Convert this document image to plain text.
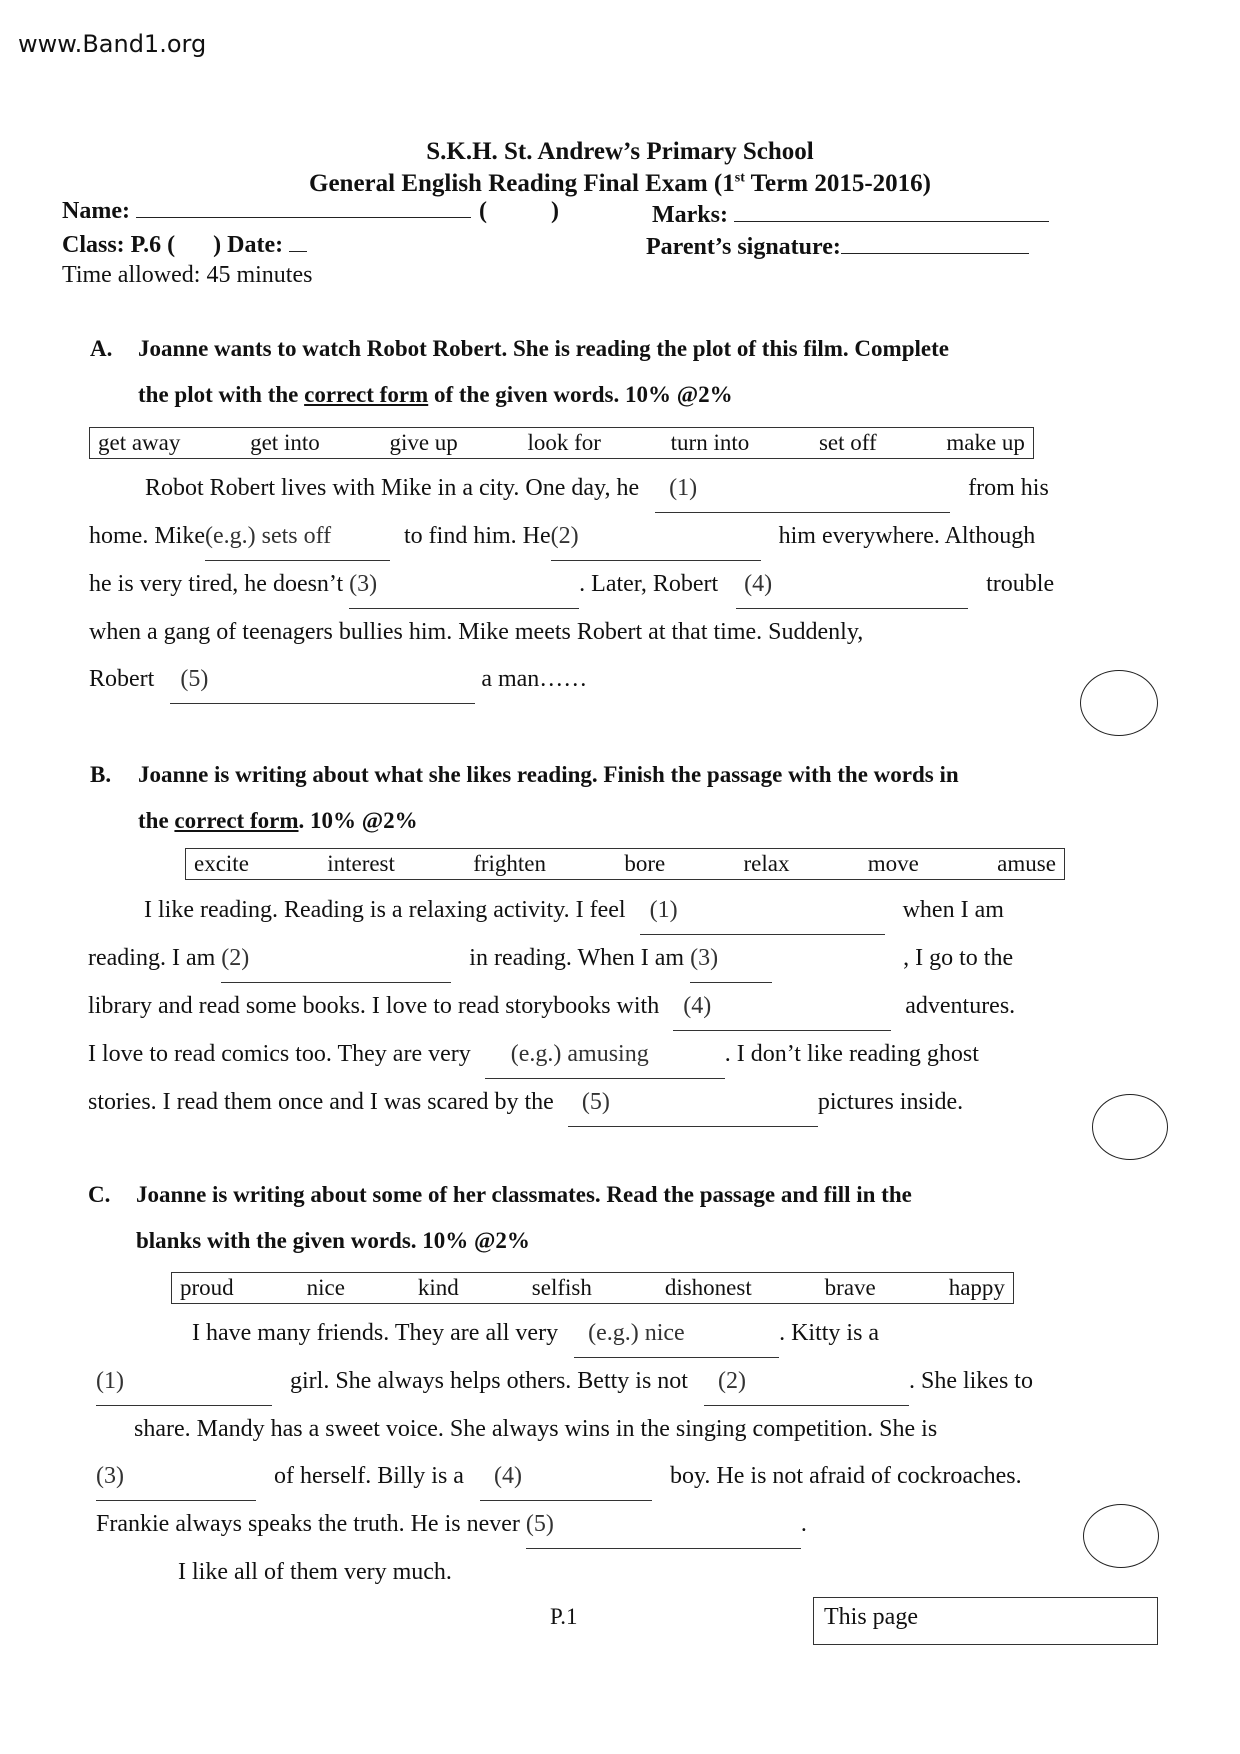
www.Band1.org
S.K.H. St. Andrew’s Primary School
General English Reading Final Exam (1st Term 2015-2016)
Name:	(	)	Marks:
Class: P.6 ( ) Date:	Parent’s signature:
Time allowed: 45 minutes
A. Joanne wants to watch Robot Robert. She is reading the plot of this film. Complete
the plot with the correct form of the given words. 10% @2%
get away	get into	give up	look for	turn into	set off	make up
Robot Robert lives with Mike in a city. One day, he (1)	from his
home. Mike(e.g.) sets off	to find him. He(2)	him everywhere. Although
he is very tired, he doesn’t (3)	. Later, Robert (4)	trouble
when a gang of teenagers bullies him. Mike meets Robert at that time. Suddenly,
Robert (5)	a man……
B. Joanne is writing about what she likes reading. Finish the passage with the words in
the correct form. 10% @2%
excite	interest	frighten	bore	relax	move	amuse
I like reading. Reading is a relaxing activity. I feel (1)	when I am
reading. I am (2)	in reading. When I am (3)	, I go to the
library and read some books. I love to read storybooks with (4)	adventures.
I love to read comics too. They are very (e.g.) amusing	. I don’t like reading ghost
stories. I read them once and I was scared by the (5)	pictures inside.
C. Joanne is writing about some of her classmates. Read the passage and fill in the
blanks with the given words. 10% @2%
proud	nice	kind	selfish	dishonest	brave	happy
I have many friends. They are all very (e.g.) nice	. Kitty is a
(1)	girl. She always helps others. Betty is not (2)	. She likes to
share. Mandy has a sweet voice. She always wins in the singing competition. She is
(3)	of herself. Billy is a (4)	boy. He is not afraid of cockroaches.
Frankie always speaks the truth. He is never (5)	.
I like all of them very much.
P.1	This page
